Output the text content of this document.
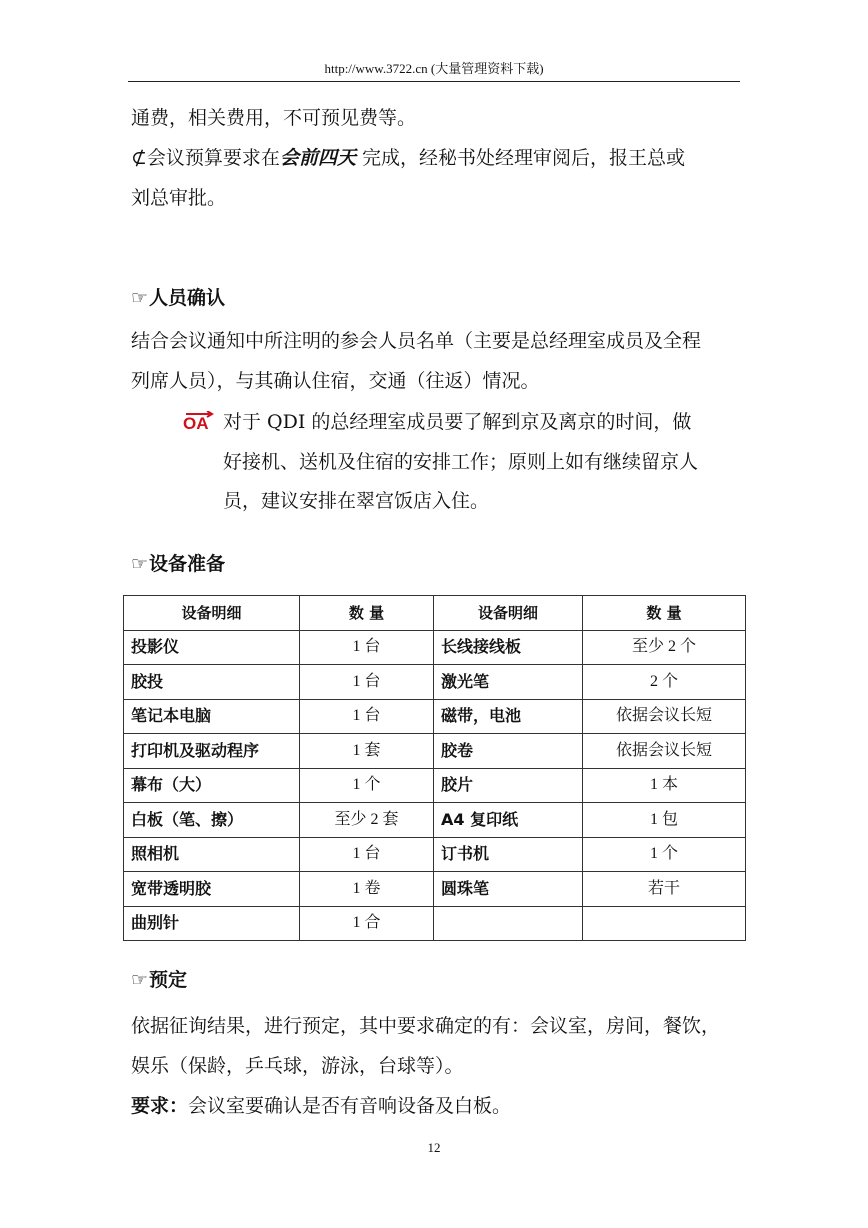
http://www.3722.cn (大量管理资料下载)
通费，相关费用，不可预见费等。
⊄会议预算要求在会前四天 完成，经秘书处经理审阅后，报王总或
刘总审批。
☞人员确认
结合会议通知中所注明的参会人员名单（主要是总经理室成员及全程
列席人员），与其确认住宿，交通（往返）情况。
OA 对于 QDI 的总经理室成员要了解到京及离京的时间，做
好接机、送机及住宿的安排工作；原则上如有继续留京人
员，建议安排在翠宫饭店入住。
☞设备准备
设备明细	数 量	设备明细	数 量
投影仪	1 台	长线接线板	至少 2 个
胶投	1 台	激光笔	2 个
笔记本电脑	1 台	磁带，电池	依据会议长短
打印机及驱动程序	1 套	胶卷	依据会议长短
幕布（大）	1 个	胶片	1 本
白板（笔、擦）	至少 2 套	A4 复印纸	1 包
照相机	1 台	订书机	1 个
宽带透明胶	1 卷	圆珠笔	若干
曲别针	1 合		
☞预定
依据征询结果，进行预定，其中要求确定的有：会议室，房间，餐饮，
娱乐（保龄，乒乓球，游泳，台球等）。
要求：会议室要确认是否有音响设备及白板。
12
